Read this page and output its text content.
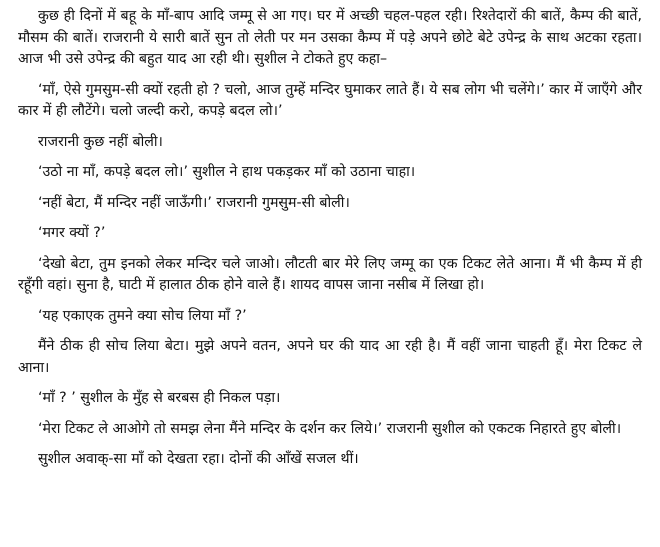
कुछ ही दिनों में बहू के माँ-बाप आदि जम्मू से आ गए। घर में अच्छी चहल-पहल रही। रिश्तेदारों की बातें, कैम्प की बातें, मौसम की बातें। राजरानी ये सारी बातें सुन तो लेती पर मन उसका कैम्प में पड़े अपने छोटे बेटे उपेन्द्र के साथ अटका रहता। आज भी उसे उपेन्द्र की बहुत याद आ रही थी। सुशील ने टोकते हुए कहा–

‘माँ, ऐसे गुमसुम-सी क्यों रहती हो ? चलो, आज तुम्हें मन्दिर घुमाकर लाते हैं। ये सब लोग भी चलेंगे।’ कार में जाएँगे और कार में ही लौटेंगे। चलो जल्दी करो, कपड़े बदल लो।’

राजरानी कुछ नहीं बोली।

‘उठो ना माँ, कपड़े बदल लो।’ सुशील ने हाथ पकड़कर माँ को उठाना चाहा।

‘नहीं बेटा, मैं मन्दिर नहीं जाऊँगी।’ राजरानी गुमसुम-सी बोली।

‘मगर क्यों ?’

‘देखो बेटा, तुम इनको लेकर मन्दिर चले जाओ। लौटती बार मेरे लिए जम्मू का एक टिकट लेते आना। मैं भी कैम्प में ही रहूँगी वहां। सुना है, घाटी में हालात ठीक होने वाले हैं। शायद वापस जाना नसीब में लिखा हो।

‘यह एकाएक तुमने क्या सोच लिया माँ ?’

मैंने ठीक ही सोच लिया बेटा। मुझे अपने वतन, अपने घर की याद आ रही है। मैं वहीं जाना चाहती हूँ। मेरा टिकट ले आना।

‘माँ ? ’ सुशील के मुँह से बरबस ही निकल पड़ा।

‘मेरा टिकट ले आओगे तो समझ लेना मैंने मन्दिर के दर्शन कर लिये।’ राजरानी सुशील को एकटक निहारते हुए बोली।

सुशील अवाक्-सा माँ को देखता रहा। दोनों की आँखें सजल थीं।
